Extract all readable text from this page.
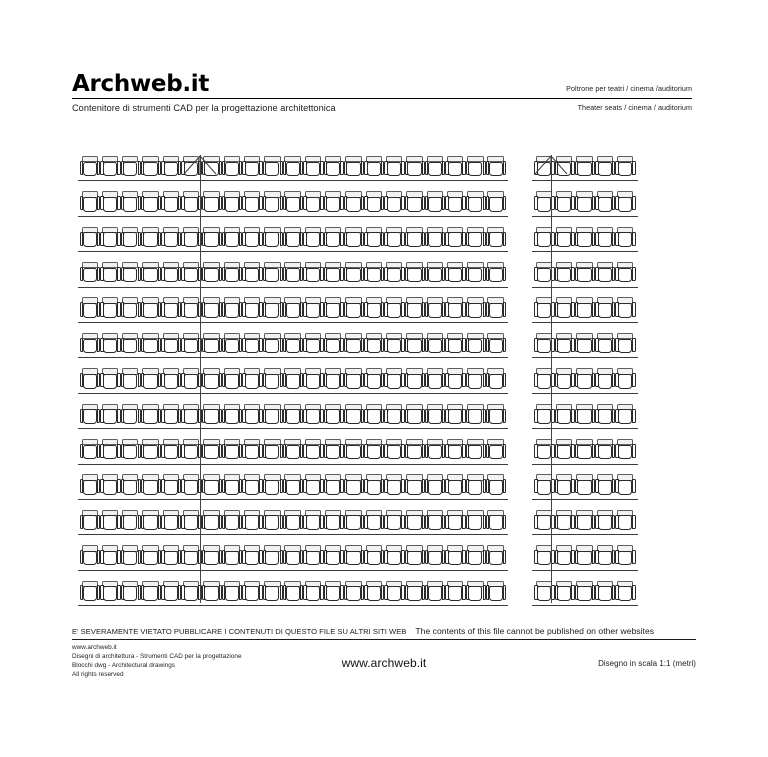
Archweb.it	Poltrone per teatri / cinema /auditorium
Contenitore di strumenti CAD per la progettazione architettonica	Theater seats / cinema / auditorium
E' SEVERAMENTE VIETATO PUBBLICARE I CONTENUTI DI QUESTO FILE SU ALTRI SITI WEB The contents of this file cannot be published on other websites
www.archweb.it
Disegni di architettura - Strumenti CAD per la progettazione
Blocchi dwg - Architectural drawings
All rights reserved
www.archweb.it	Disegno in scala 1:1 (metri)
